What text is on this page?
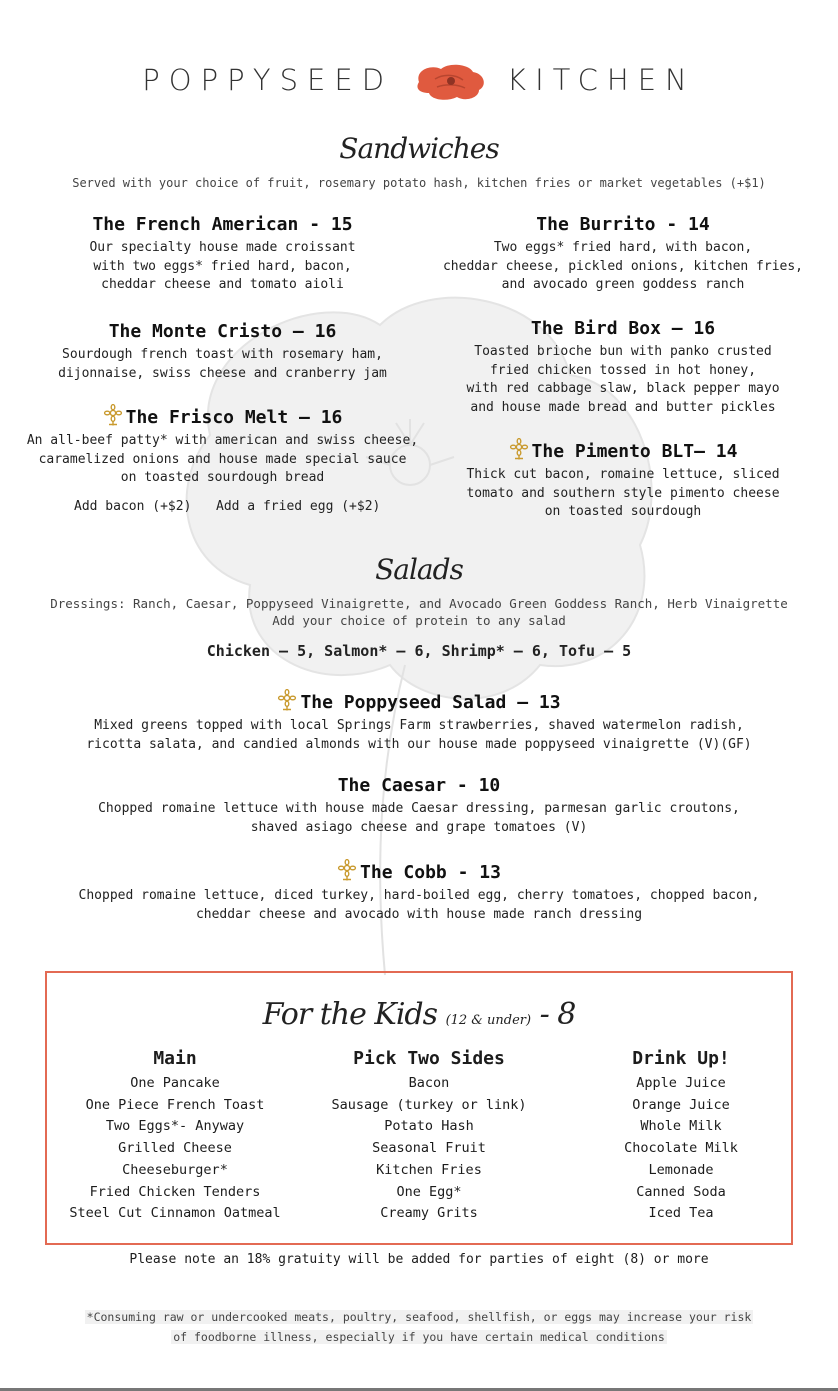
POPPYSEED	KITCHEN
Sandwiches
Served with your choice of fruit, rosemary potato hash, kitchen fries or market vegetables (+$1)
The French American - 15
Our specialty house made croissant
with two eggs* fried hard, bacon,
cheddar cheese and tomato aioli
The Burrito - 14
Two eggs* fried hard, with bacon,
cheddar cheese, pickled onions, kitchen fries,
and avocado green goddess ranch
The Monte Cristo – 16
Sourdough french toast with rosemary ham,
dijonnaise, swiss cheese and cranberry jam
The Bird Box – 16
Toasted brioche bun with panko crusted
fried chicken tossed in hot honey,
with red cabbage slaw, black pepper mayo
and house made bread and butter pickles
The Frisco Melt – 16
An all-beef patty* with american and swiss cheese,
caramelized onions and house made special sauce
on toasted sourdough bread
Add bacon (+$2) Add a fried egg (+$2)
The Pimento BLT– 14
Thick cut bacon, romaine lettuce, sliced
tomato and southern style pimento cheese
on toasted sourdough
Salads
Dressings: Ranch, Caesar, Poppyseed Vinaigrette, and Avocado Green Goddess Ranch, Herb Vinaigrette
Add your choice of protein to any salad
Chicken – 5, Salmon* – 6, Shrimp* – 6, Tofu – 5
The Poppyseed Salad – 13
Mixed greens topped with local Springs Farm strawberries, shaved watermelon radish,
ricotta salata, and candied almonds with our house made poppyseed vinaigrette (V)(GF)
The Caesar - 10
Chopped romaine lettuce with house made Caesar dressing, parmesan garlic croutons,
shaved asiago cheese and grape tomatoes (V)
The Cobb - 13
Chopped romaine lettuce, diced turkey, hard-boiled egg, cherry tomatoes, chopped bacon,
cheddar cheese and avocado with house made ranch dressing
For the Kids (12 & under) - 8
Main
One Pancake
One Piece French Toast
Two Eggs*- Anyway
Grilled Cheese
Cheeseburger*
Fried Chicken Tenders
Steel Cut Cinnamon Oatmeal
Pick Two Sides
Bacon
Sausage (turkey or link)
Potato Hash
Seasonal Fruit
Kitchen Fries
One Egg*
Creamy Grits
Drink Up!
Apple Juice
Orange Juice
Whole Milk
Chocolate Milk
Lemonade
Canned Soda
Iced Tea
Please note an 18% gratuity will be added for parties of eight (8) or more
*Consuming raw or undercooked meats, poultry, seafood, shellfish, or eggs may increase your risk
of foodborne illness, especially if you have certain medical conditions
